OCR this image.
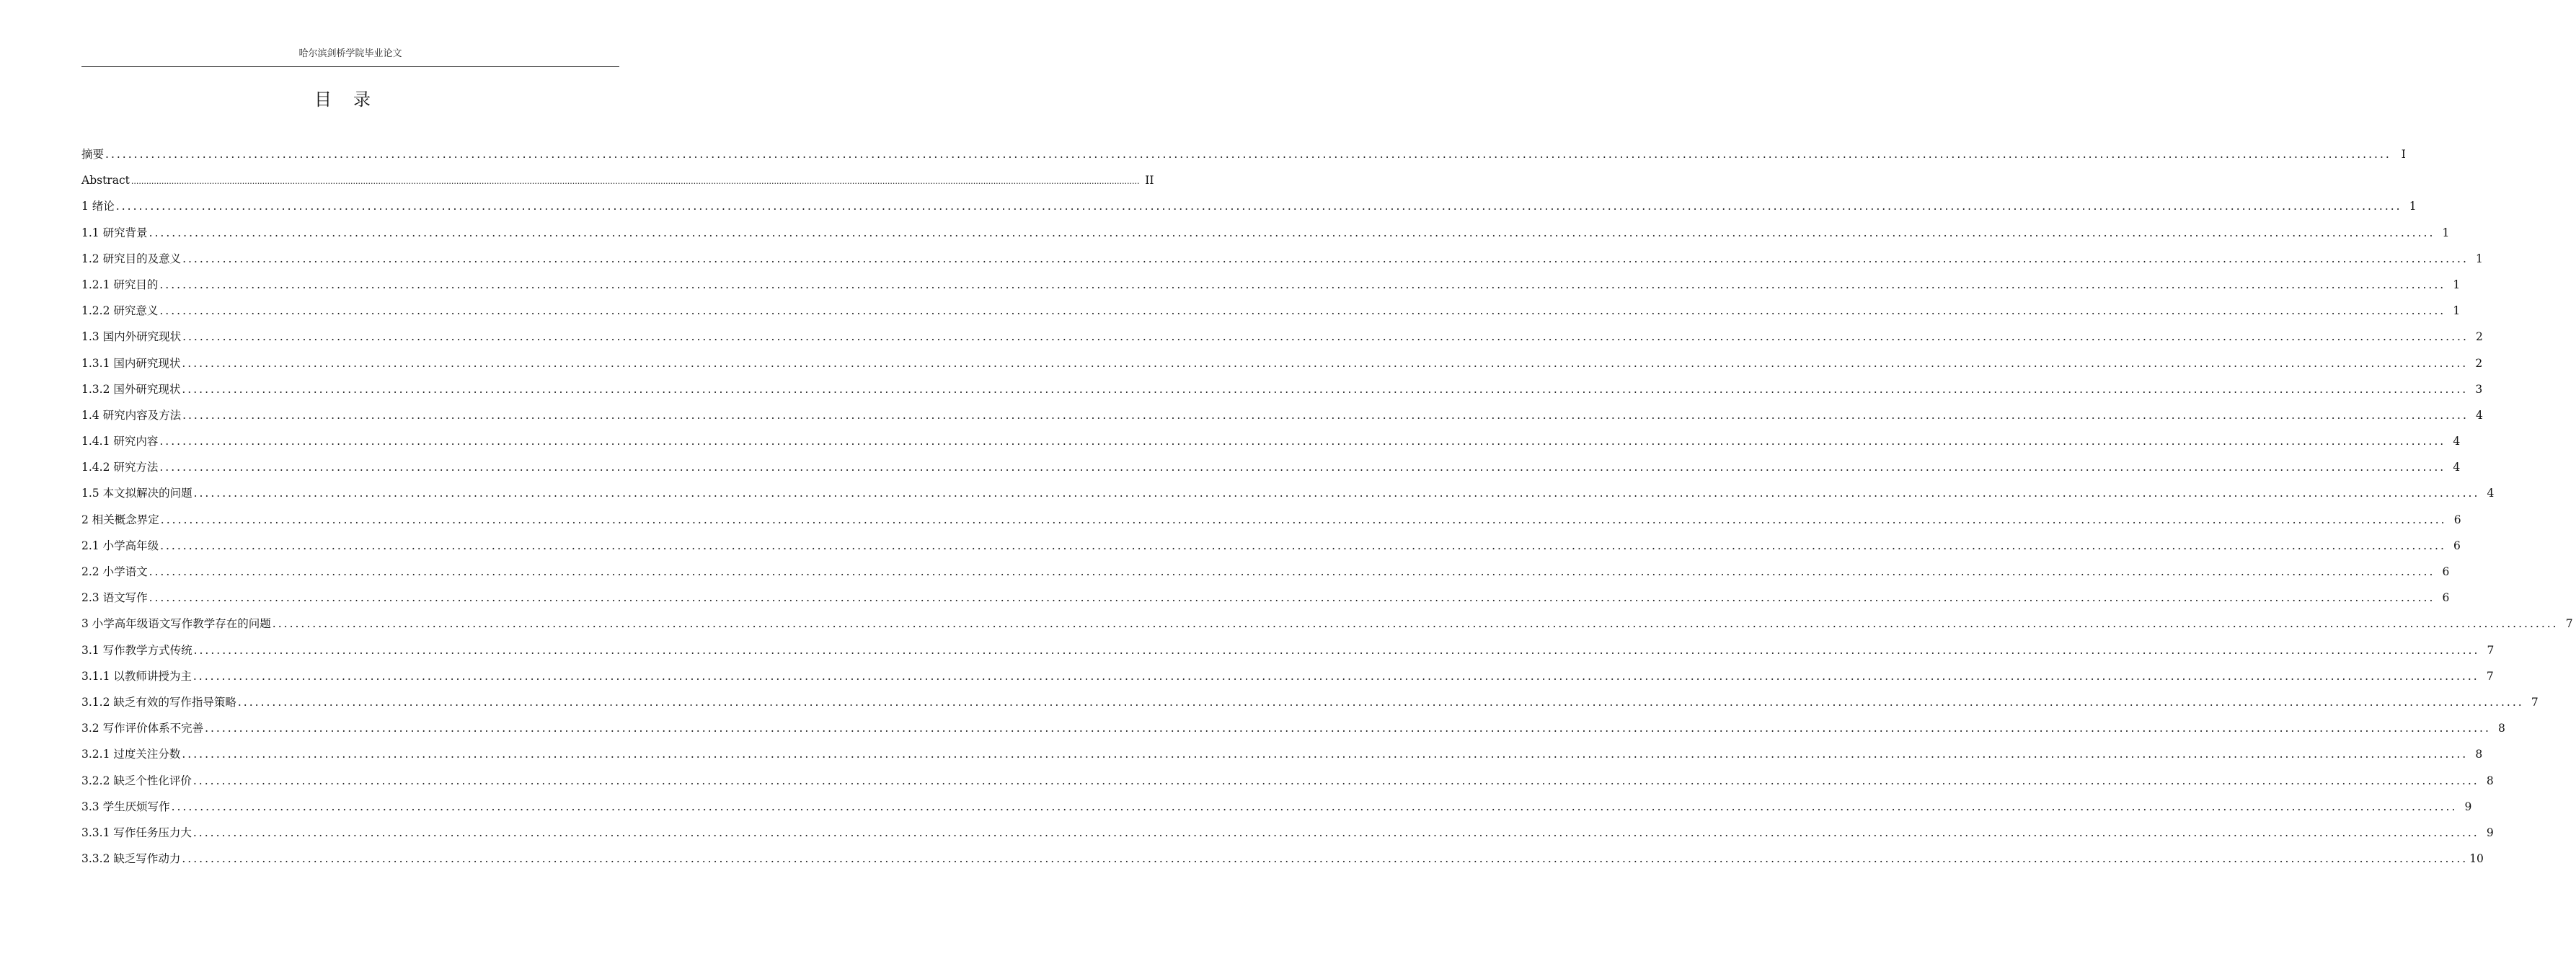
哈尔滨剑桥学院毕业论文
目录
摘要 ................................................................................................................................................................................................................................................................................................................................................................................................................ I
Abstract ................................................................................................................................................................................................................................................................................................................................................................................................................ II
1 绪论 ................................................................................................................................................................................................................................................................................................................................................................................................................ 1
1.1 研究背景 ................................................................................................................................................................................................................................................................................................................................................................................................................ 1
1.2 研究目的及意义 ................................................................................................................................................................................................................................................................................................................................................................................................................ 1
1.2.1 研究目的 ................................................................................................................................................................................................................................................................................................................................................................................................................ 1
1.2.2 研究意义 ................................................................................................................................................................................................................................................................................................................................................................................................................ 1
1.3 国内外研究现状 ................................................................................................................................................................................................................................................................................................................................................................................................................ 2
1.3.1 国内研究现状 ................................................................................................................................................................................................................................................................................................................................................................................................................ 2
1.3.2 国外研究现状 ................................................................................................................................................................................................................................................................................................................................................................................................................ 3
1.4 研究内容及方法 ................................................................................................................................................................................................................................................................................................................................................................................................................ 4
1.4.1 研究内容 ................................................................................................................................................................................................................................................................................................................................................................................................................ 4
1.4.2 研究方法 ................................................................................................................................................................................................................................................................................................................................................................................................................ 4
1.5 本文拟解决的问题 ................................................................................................................................................................................................................................................................................................................................................................................................................ 4
2 相关概念界定 ................................................................................................................................................................................................................................................................................................................................................................................................................ 6
2.1 小学高年级 ................................................................................................................................................................................................................................................................................................................................................................................................................ 6
2.2 小学语文 ................................................................................................................................................................................................................................................................................................................................................................................................................ 6
2.3 语文写作 ................................................................................................................................................................................................................................................................................................................................................................................................................ 6
3 小学高年级语文写作教学存在的问题 ................................................................................................................................................................................................................................................................................................................................................................................................................ 7
3.1 写作教学方式传统 ................................................................................................................................................................................................................................................................................................................................................................................................................ 7
3.1.1 以教师讲授为主 ................................................................................................................................................................................................................................................................................................................................................................................................................ 7
3.1.2 缺乏有效的写作指导策略 ................................................................................................................................................................................................................................................................................................................................................................................................................ 7
3.2 写作评价体系不完善 ................................................................................................................................................................................................................................................................................................................................................................................................................ 8
3.2.1 过度关注分数 ................................................................................................................................................................................................................................................................................................................................................................................................................ 8
3.2.2 缺乏个性化评价 ................................................................................................................................................................................................................................................................................................................................................................................................................ 8
3.3 学生厌烦写作 ................................................................................................................................................................................................................................................................................................................................................................................................................ 9
3.3.1 写作任务压力大 ................................................................................................................................................................................................................................................................................................................................................................................................................ 9
3.3.2 缺乏写作动力 ................................................................................................................................................................................................................................................................................................................................................................................................................ 10
